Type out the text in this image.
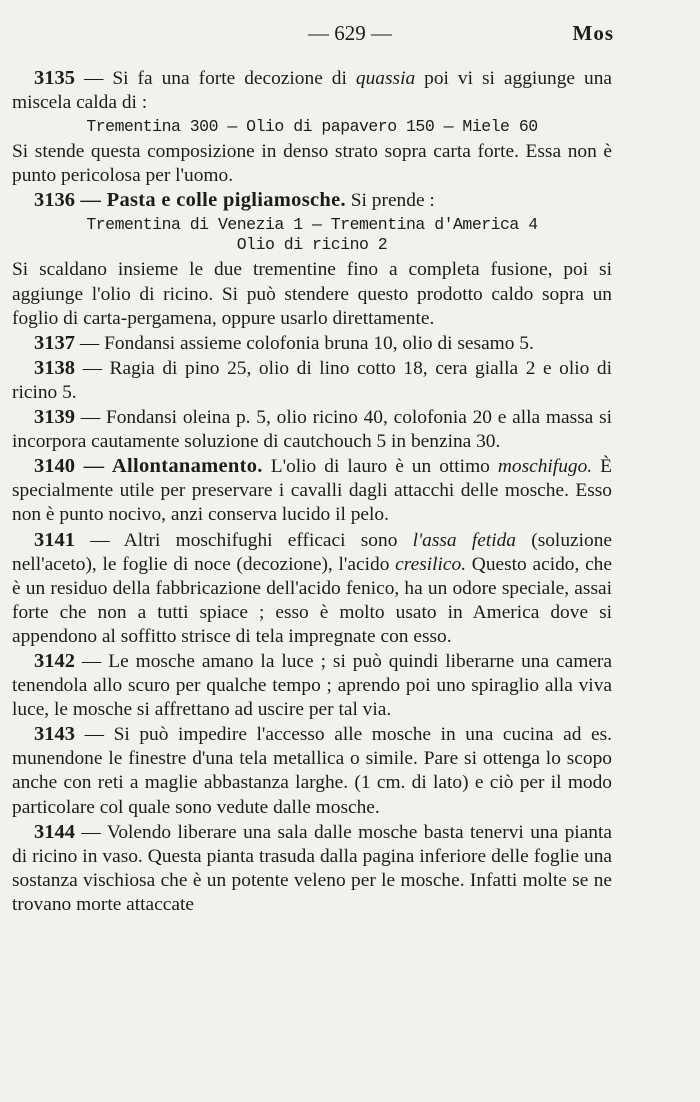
— 629 —	Mos

3135 — Si fa una forte decozione di quassia poi vi si aggiunge una miscela calda di :

Trementina 300 — Olio di papavero 150 — Miele 60

Si stende questa composizione in denso strato sopra carta forte. Essa non è punto pericolosa per l'uomo.

3136 — Pasta e colle pigliamosche. Si prende :

Trementina di Venezia 1 — Trementina d'America 4
Olio di ricino 2

Si scaldano insieme le due trementine fino a completa fusione, poi si aggiunge l'olio di ricino. Si può stendere questo prodotto caldo sopra un foglio di carta-pergamena, oppure usarlo direttamente.

3137 — Fondansi assieme colofonia bruna 10, olio di sesamo 5.

3138 — Ragia di pino 25, olio di lino cotto 18, cera gialla 2 e olio di ricino 5.

3139 — Fondansi oleina p. 5, olio ricino 40, colofonia 20 e alla massa si incorpora cautamente soluzione di cautchouch 5 in benzina 30.

3140 — Allontanamento. L'olio di lauro è un ottimo moschifugo. È specialmente utile per preservare i cavalli dagli attacchi delle mosche. Esso non è punto nocivo, anzi conserva lucido il pelo.

3141 — Altri moschifughi efficaci sono l'assa fetida (soluzione nell'aceto), le foglie di noce (decozione), l'acido cresilico. Questo acido, che è un residuo della fabbricazione dell'acido fenico, ha un odore speciale, assai forte che non a tutti spiace ; esso è molto usato in America dove si appendono al soffitto strisce di tela impregnate con esso.

3142 — Le mosche amano la luce ; si può quindi liberarne una camera tenendola allo scuro per qualche tempo ; aprendo poi uno spiraglio alla viva luce, le mosche si affrettano ad uscire per tal via.

3143 — Si può impedire l'accesso alle mosche in una cucina ad es. munendone le finestre d'una tela metallica o simile. Pare si ottenga lo scopo anche con reti a maglie abbastanza larghe. (1 cm. di lato) e ciò per il modo particolare col quale sono vedute dalle mosche.

3144 — Volendo liberare una sala dalle mosche basta tenervi una pianta di ricino in vaso. Questa pianta trasuda dalla pagina inferiore delle foglie una sostanza vischiosa che è un potente veleno per le mosche. Infatti molte se ne trovano morte attaccate
